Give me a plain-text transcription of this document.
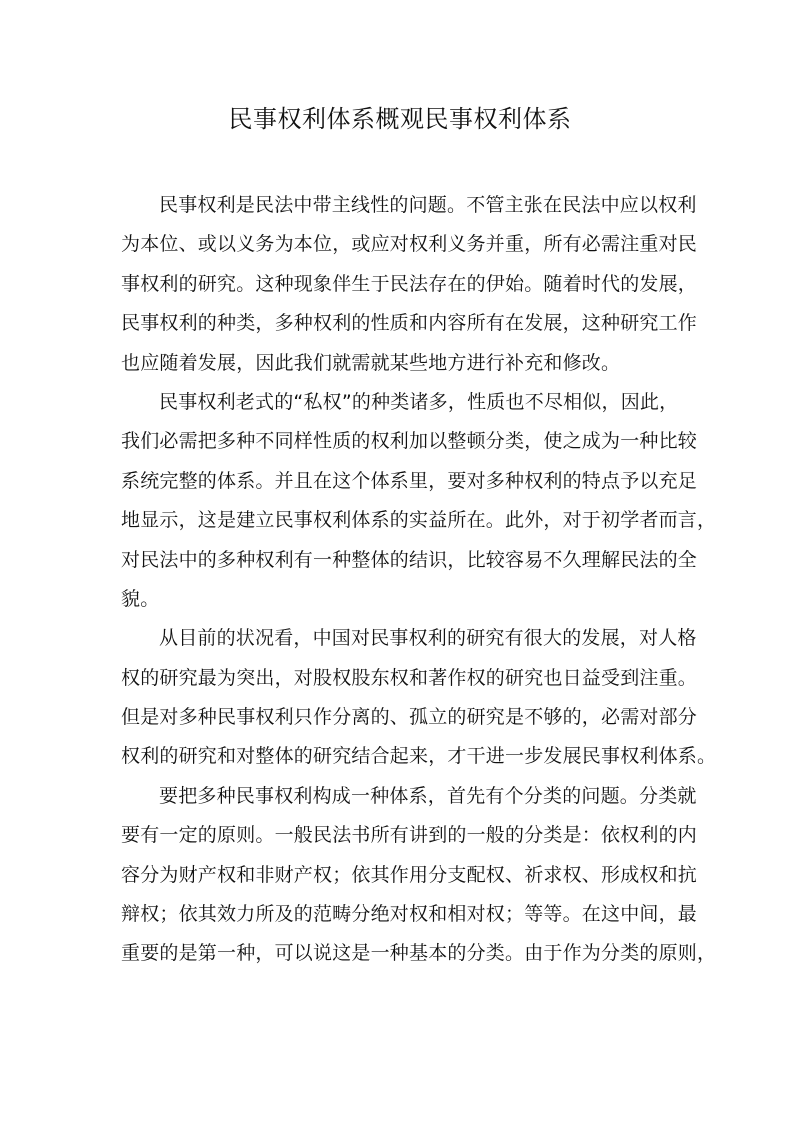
民事权利体系概观民事权利体系
民事权利是民法中带主线性的问题。不管主张在民法中应以权利
为本位、或以义务为本位，或应对权利义务并重，所有必需注重对民
事权利的研究。这种现象伴生于民法存在的伊始。随着时代的发展，
民事权利的种类，多种权利的性质和内容所有在发展，这种研究工作
也应随着发展，因此我们就需就某些地方进行补充和修改。
民事权利老式的“私权”的种类诸多，性质也不尽相似，因此，
我们必需把多种不同样性质的权利加以整顿分类，使之成为一种比较
系统完整的体系。并且在这个体系里，要对多种权利的特点予以充足
地显示，这是建立民事权利体系的实益所在。此外，对于初学者而言，
对民法中的多种权利有一种整体的结识，比较容易不久理解民法的全
貌。
从目前的状况看，中国对民事权利的研究有很大的发展，对人格
权的研究最为突出，对股权股东权和著作权的研究也日益受到注重。
但是对多种民事权利只作分离的、孤立的研究是不够的，必需对部分
权利的研究和对整体的研究结合起来，才干进一步发展民事权利体系。
要把多种民事权利构成一种体系，首先有个分类的问题。分类就
要有一定的原则。一般民法书所有讲到的一般的分类是：依权利的内
容分为财产权和非财产权；依其作用分支配权、祈求权、形成权和抗
辩权；依其效力所及的范畴分绝对权和相对权；等等。在这中间，最
重要的是第一种，可以说这是一种基本的分类。由于作为分类的原则，
